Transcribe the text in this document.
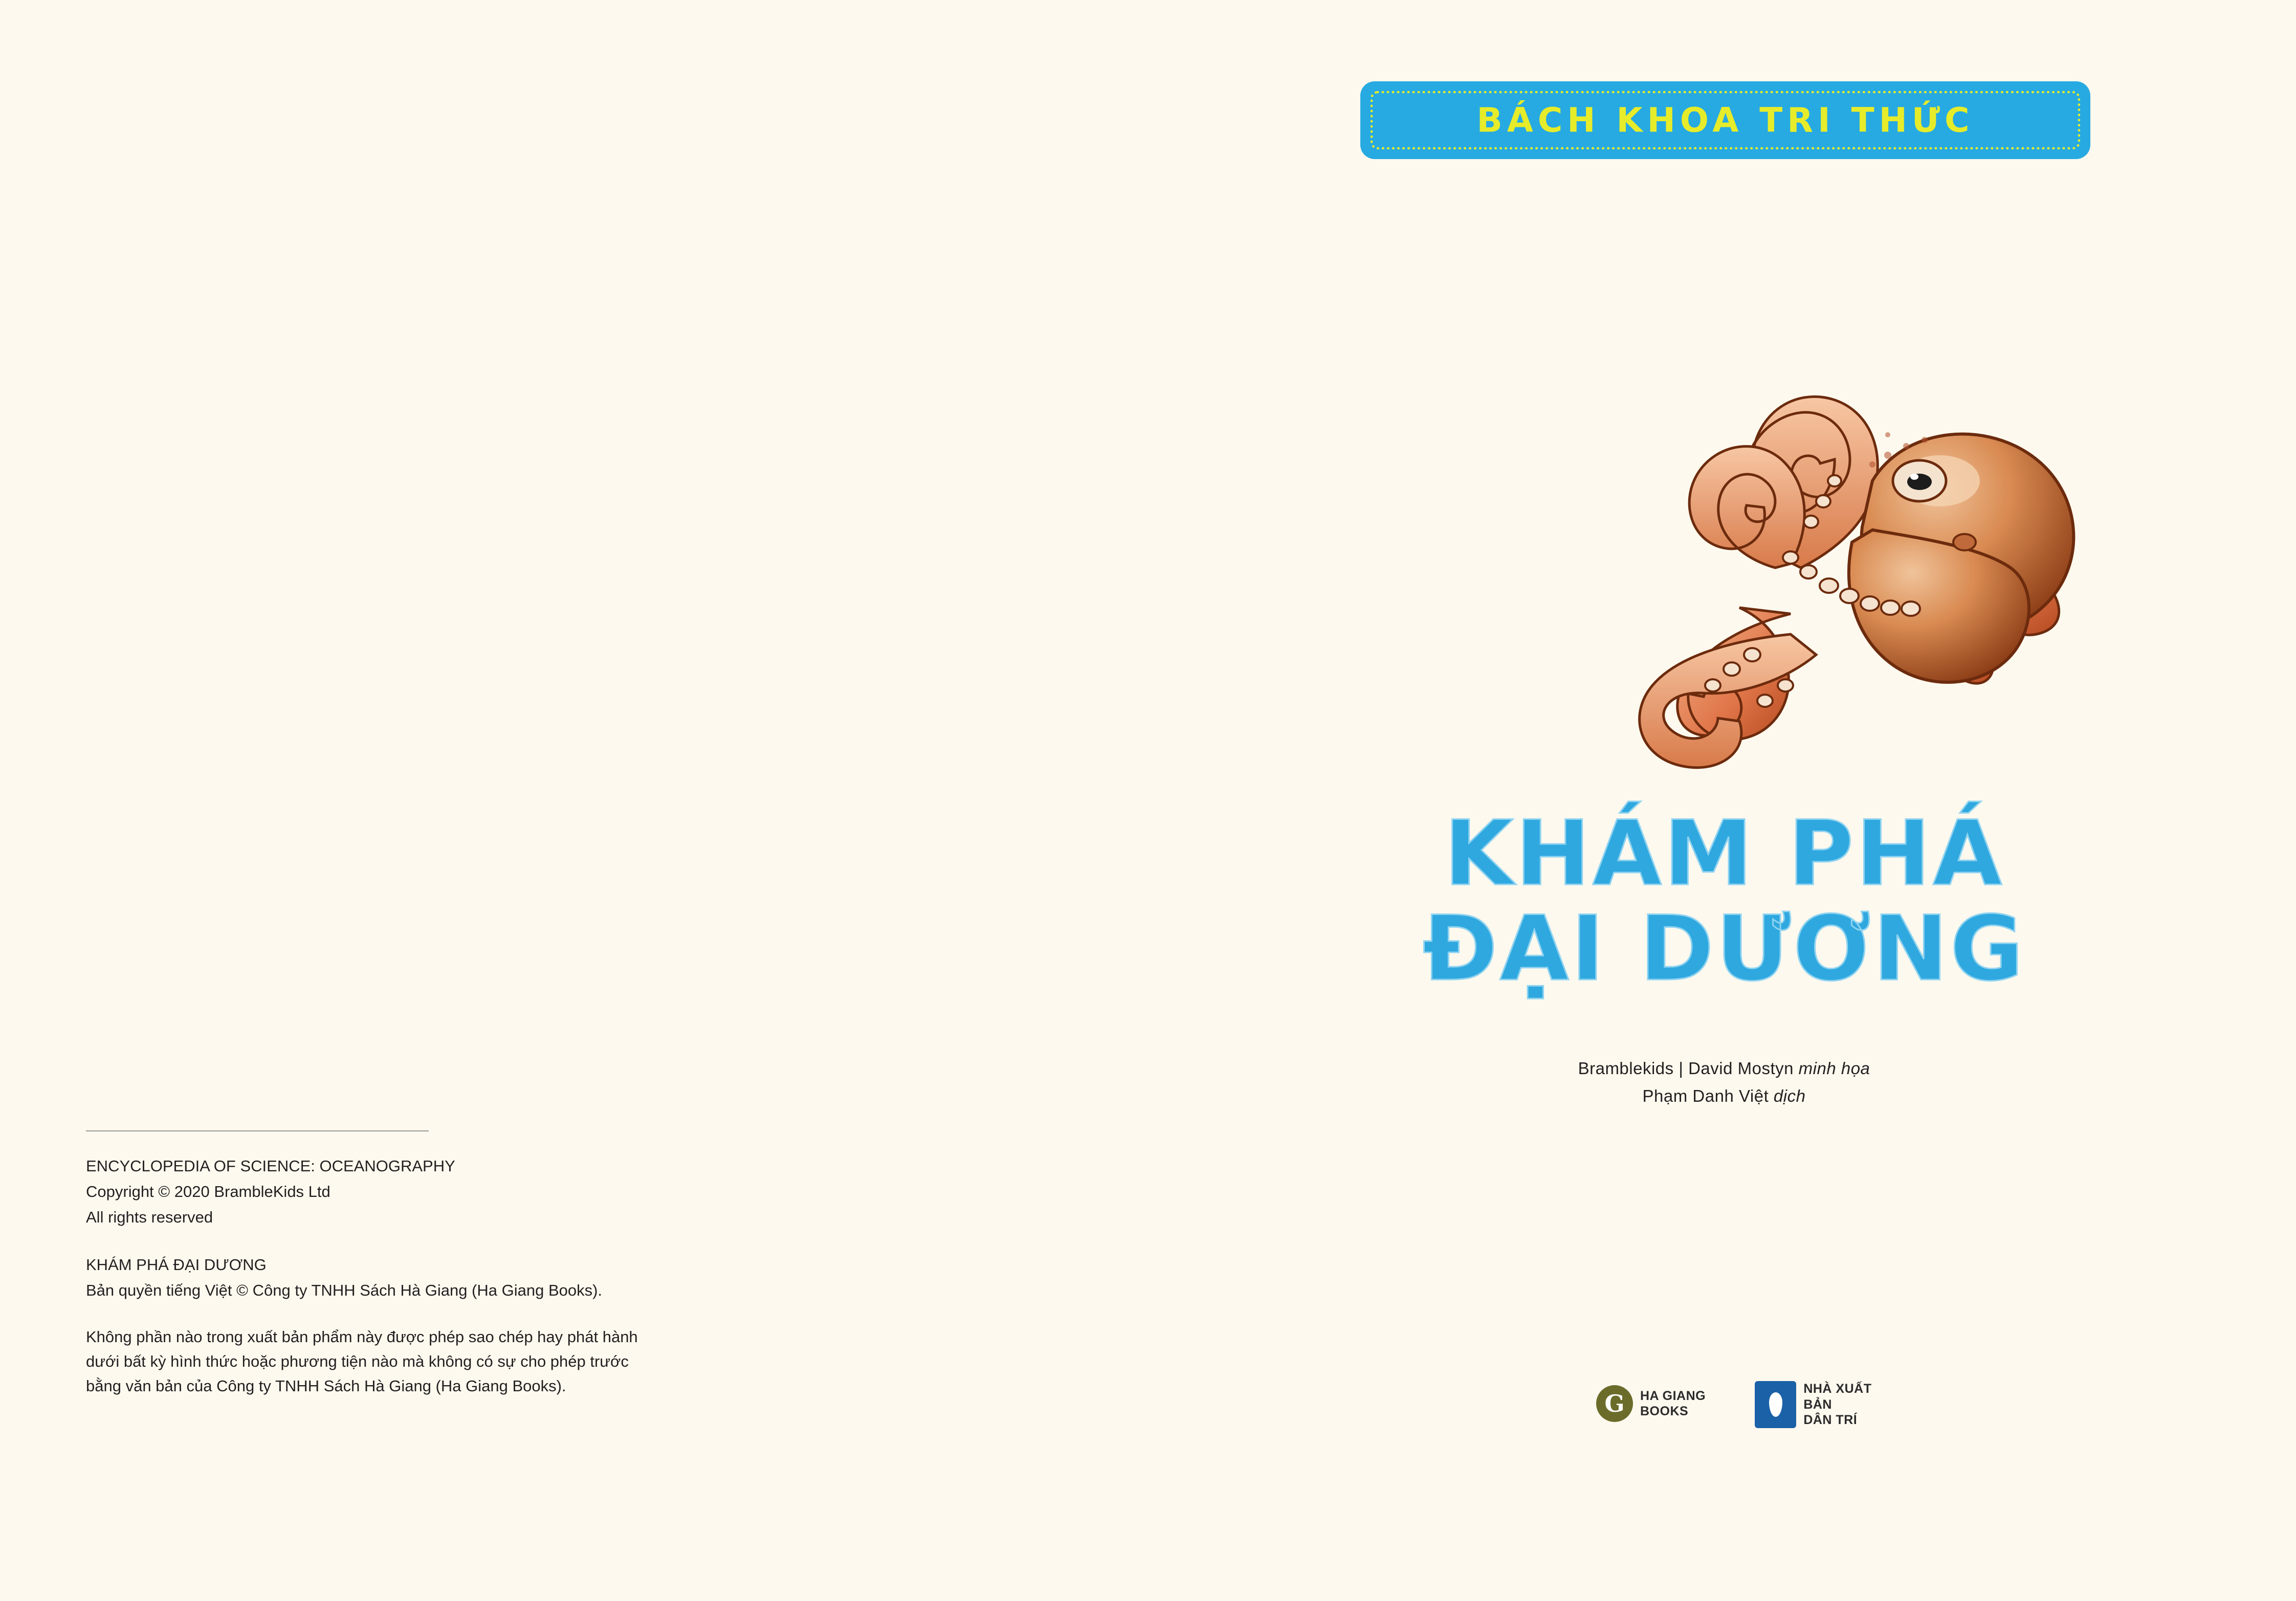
BÁCH KHOA TRI THỨC
KHÁM PHÁ
ĐẠI DƯƠNG
Bramblekids | David Mostyn minh họa
Phạm Danh Việt dịch
ENCYCLOPEDIA OF SCIENCE: OCEANOGRAPHY
Copyright © 2020 BrambleKids Ltd
All rights reserved
KHÁM PHÁ ĐẠI DƯƠNG
Bản quyền tiếng Việt © Công ty TNHH Sách Hà Giang (Ha Giang Books).
Không phần nào trong xuất bản phẩm này được phép sao chép hay phát hành
dưới bất kỳ hình thức hoặc phương tiện nào mà không có sự cho phép trước
bằng văn bản của Công ty TNHH Sách Hà Giang (Ha Giang Books).
G	HA GIANG
BOOKS
NHÀ XUẤT BẢN
DÂN TRÍ
